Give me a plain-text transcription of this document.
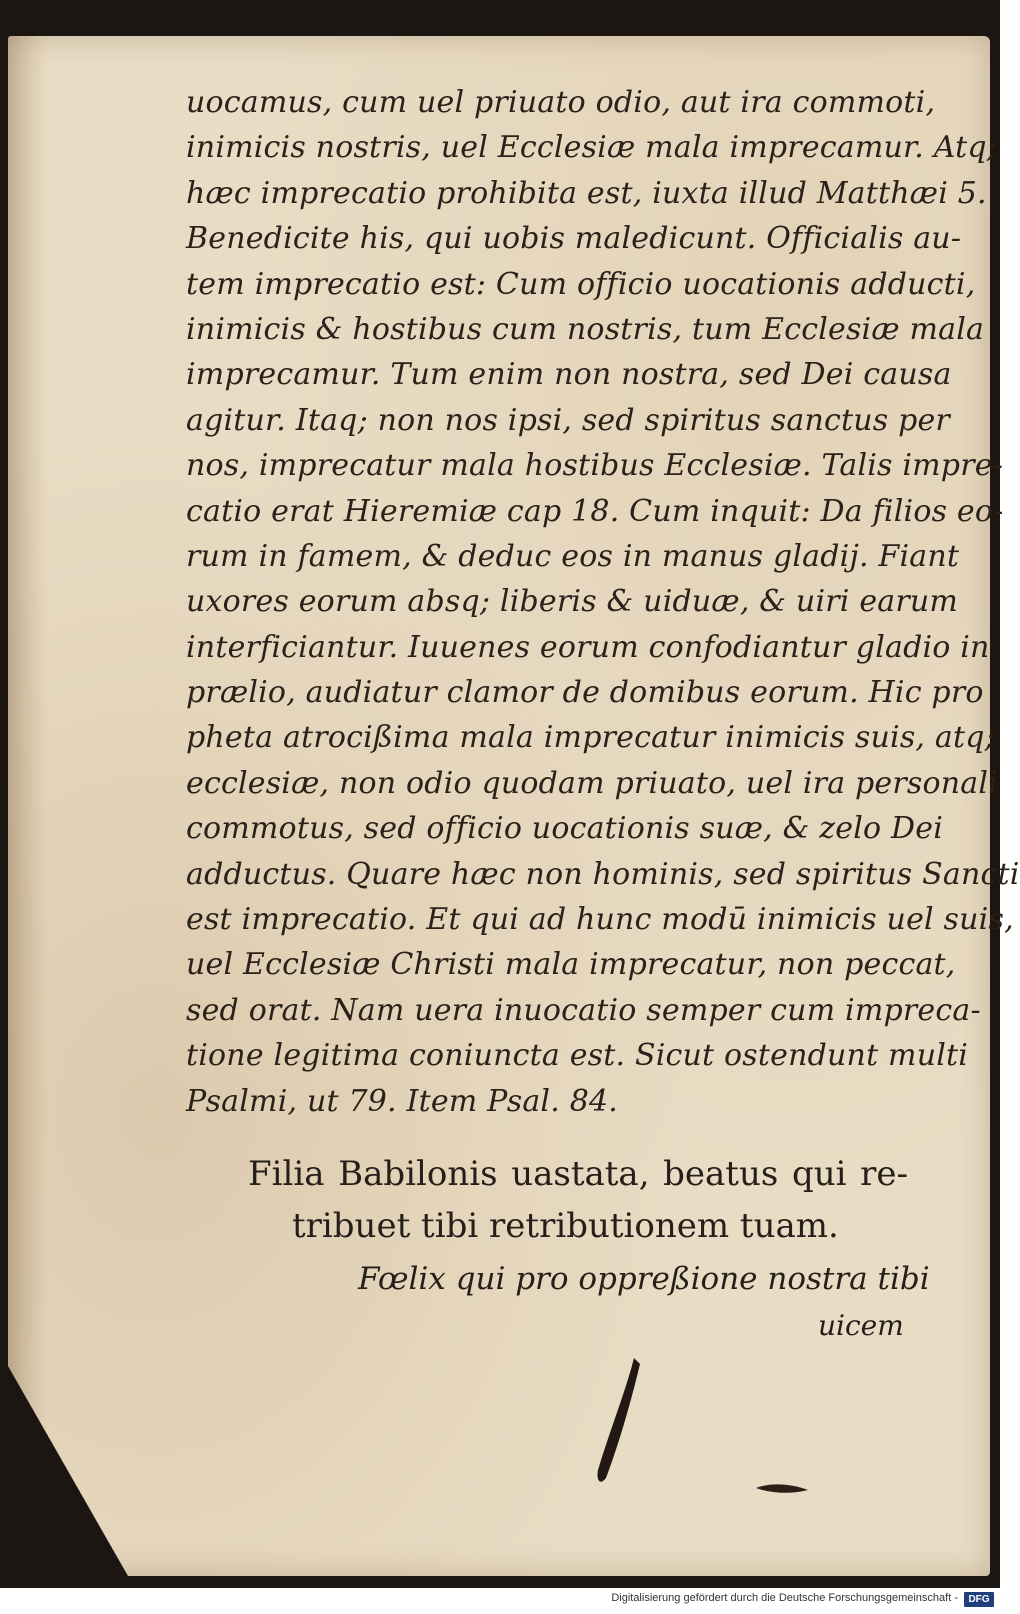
uocamus, cum uel priuato odio, aut ira commoti,
inimicis nostris, uel Ecclesiæ mala imprecamur. Atq;
hæc imprecatio prohibita est, iuxta illud Matthæi 5.
Benedicite his, qui uobis maledicunt. Officialis au-
tem imprecatio est: Cum officio uocationis adducti,
inimicis & hostibus cum nostris, tum Ecclesiæ mala
imprecamur. Tum enim non nostra, sed Dei causa
agitur. Itaq; non nos ipsi, sed spiritus sanctus per
nos, imprecatur mala hostibus Ecclesiæ. Talis impre-
catio erat Hieremiæ cap 18. Cum inquit: Da filios eo-
rum in famem, & deduc eos in manus gladij. Fiant
uxores eorum absq; liberis & uiduæ, & uiri earum
interficiantur. Iuuenes eorum confodiantur gladio in
prælio, audiatur clamor de domibus eorum. Hic pro
pheta atrocißima mala imprecatur inimicis suis, atq;
ecclesiæ, non odio quodam priuato, uel ira personali
commotus, sed officio uocationis suæ, & zelo Dei
adductus. Quare hæc non hominis, sed spiritus Sancti
est imprecatio. Et qui ad hunc modū inimicis uel suis,
uel Ecclesiæ Christi mala imprecatur, non peccat,
sed orat. Nam uera inuocatio semper cum impreca-
tione legitima coniuncta est. Sicut ostendunt multi
Psalmi, ut 79. Item Psal. 84.
Filia Babilonis uastata, beatus qui re-
tribuet tibi retributionem tuam.
Fœlix qui pro oppreßione nostra tibi
uicem
Digitalisierung gefördert durch die Deutsche Forschungsgemeinschaft -	DFG
